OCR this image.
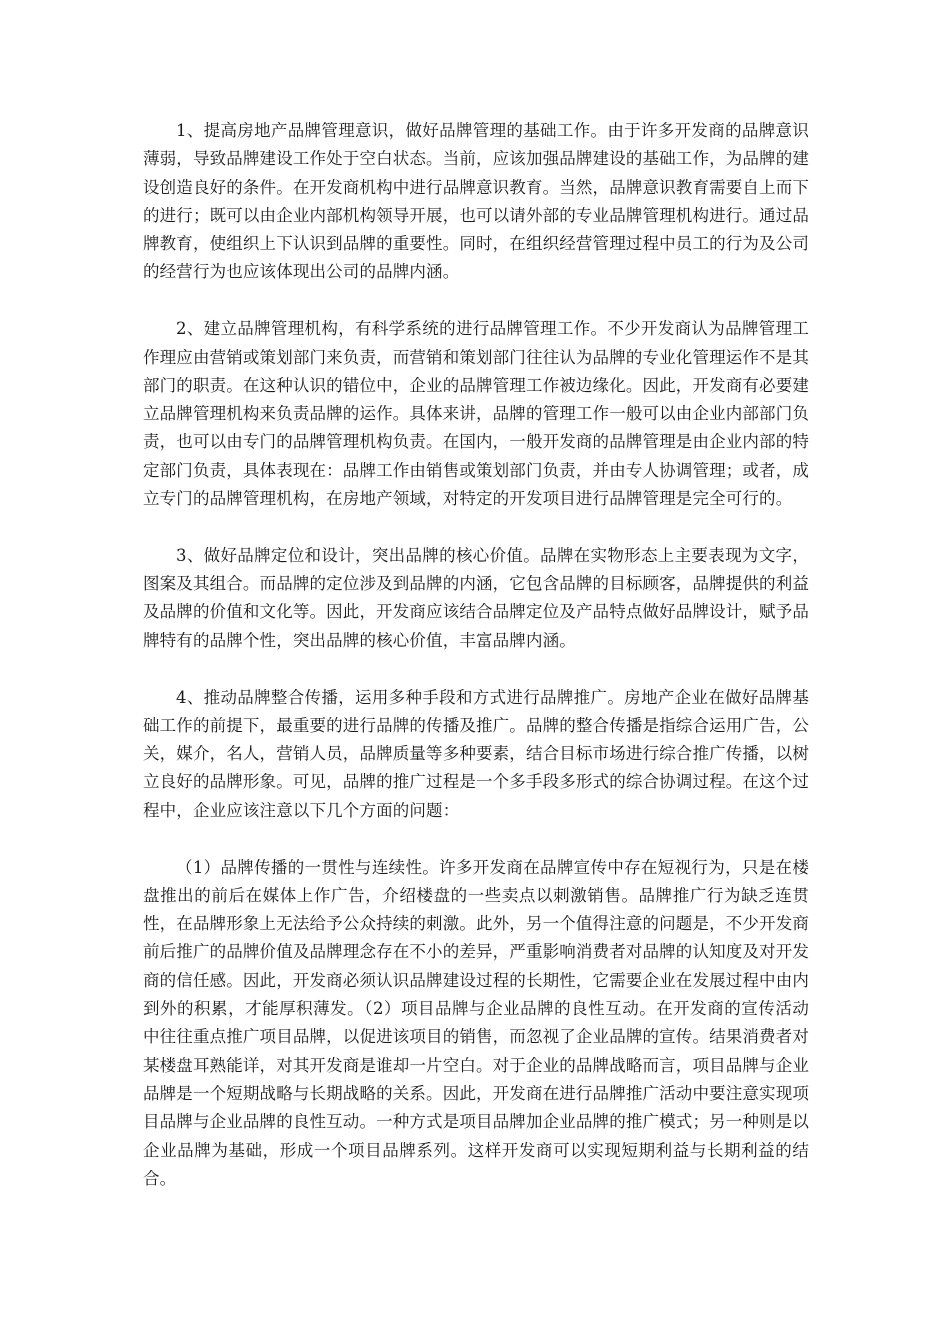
1、提高房地产品牌管理意识，做好品牌管理的基础工作。由于许多开发商的品牌意识薄弱，导致品牌建设工作处于空白状态。当前，应该加强品牌建设的基础工作，为品牌的建设创造良好的条件。在开发商机构中进行品牌意识教育。当然，品牌意识教育需要自上而下的进行；既可以由企业内部机构领导开展，也可以请外部的专业品牌管理机构进行。通过品牌教育，使组织上下认识到品牌的重要性。同时，在组织经营管理过程中员工的行为及公司的经营行为也应该体现出公司的品牌内涵。

2、建立品牌管理机构，有科学系统的进行品牌管理工作。不少开发商认为品牌管理工作理应由营销或策划部门来负责，而营销和策划部门往往认为品牌的专业化管理运作不是其部门的职责。在这种认识的错位中，企业的品牌管理工作被边缘化。因此，开发商有必要建立品牌管理机构来负责品牌的运作。具体来讲，品牌的管理工作一般可以由企业内部部门负责，也可以由专门的品牌管理机构负责。在国内，一般开发商的品牌管理是由企业内部的特定部门负责，具体表现在：品牌工作由销售或策划部门负责，并由专人协调管理；或者，成立专门的品牌管理机构，在房地产领域，对特定的开发项目进行品牌管理是完全可行的。

3、做好品牌定位和设计，突出品牌的核心价值。品牌在实物形态上主要表现为文字，图案及其组合。而品牌的定位涉及到品牌的内涵，它包含品牌的目标顾客，品牌提供的利益及品牌的价值和文化等。因此，开发商应该结合品牌定位及产品特点做好品牌设计，赋予品牌特有的品牌个性，突出品牌的核心价值，丰富品牌内涵。

4、推动品牌整合传播，运用多种手段和方式进行品牌推广。房地产企业在做好品牌基础工作的前提下，最重要的进行品牌的传播及推广。品牌的整合传播是指综合运用广告，公关，媒介，名人，营销人员，品牌质量等多种要素，结合目标市场进行综合推广传播，以树立良好的品牌形象。可见，品牌的推广过程是一个多手段多形式的综合协调过程。在这个过程中，企业应该注意以下几个方面的问题：

（1）品牌传播的一贯性与连续性。许多开发商在品牌宣传中存在短视行为，只是在楼盘推出的前后在媒体上作广告，介绍楼盘的一些卖点以刺激销售。品牌推广行为缺乏连贯性，在品牌形象上无法给予公众持续的刺激。此外，另一个值得注意的问题是，不少开发商前后推广的品牌价值及品牌理念存在不小的差异，严重影响消费者对品牌的认知度及对开发商的信任感。因此，开发商必须认识品牌建设过程的长期性，它需要企业在发展过程中由内到外的积累，才能厚积薄发。（2）项目品牌与企业品牌的良性互动。在开发商的宣传活动中往往重点推广项目品牌，以促进该项目的销售，而忽视了企业品牌的宣传。结果消费者对某楼盘耳熟能详，对其开发商是谁却一片空白。对于企业的品牌战略而言，项目品牌与企业品牌是一个短期战略与长期战略的关系。因此，开发商在进行品牌推广活动中要注意实现项目品牌与企业品牌的良性互动。一种方式是项目品牌加企业品牌的推广模式；另一种则是以企业品牌为基础，形成一个项目品牌系列。这样开发商可以实现短期利益与长期利益的结合。
